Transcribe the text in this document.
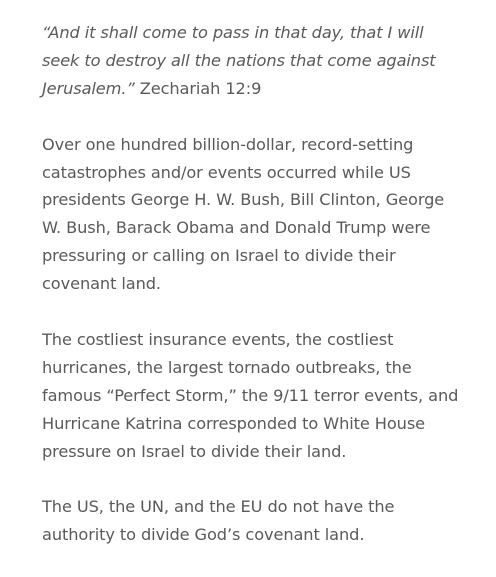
“And it shall come to pass in that day, that I will seek to destroy all the nations that come against Jerusalem.” Zechariah 12:9

Over one hundred billion-dollar, record-setting catastrophes and/or events occurred while US presidents George H. W. Bush, Bill Clinton, George W. Bush, Barack Obama and Donald Trump were pressuring or calling on Israel to divide their covenant land.

The costliest insurance events, the costliest hurricanes, the largest tornado outbreaks, the famous “Perfect Storm,” the 9/11 terror events, and Hurricane Katrina corresponded to White House pressure on Israel to divide their land.

The US, the UN, and the EU do not have the authority to divide God’s covenant land.
